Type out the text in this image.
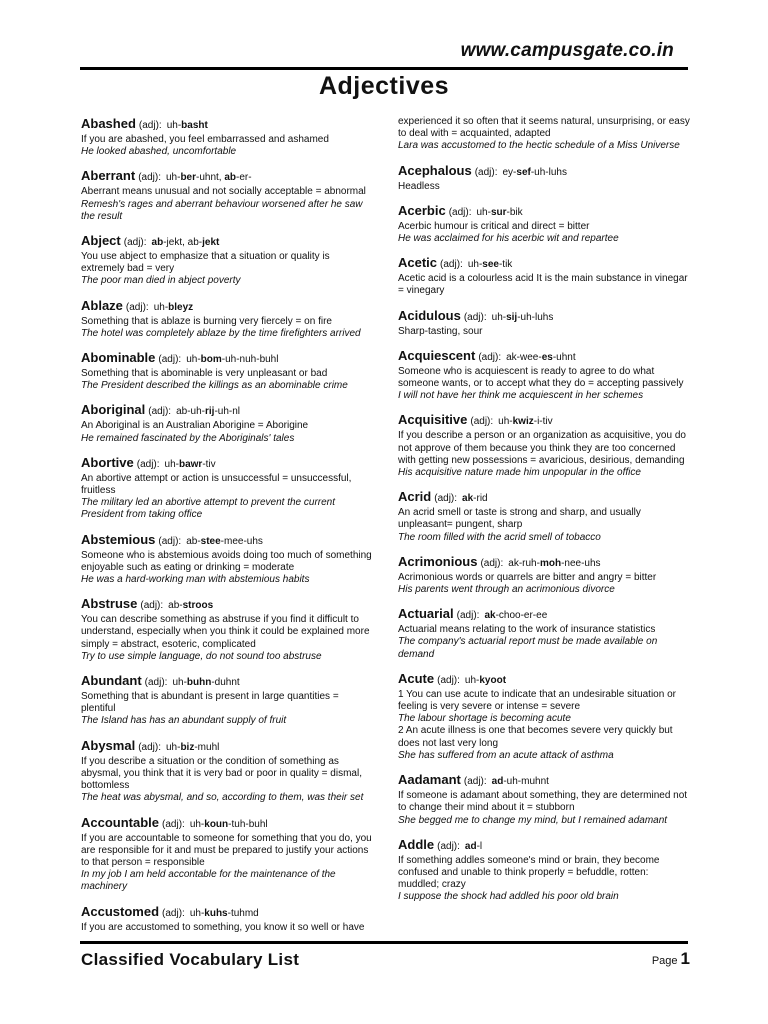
www.campusgate.co.in
Adjectives
Abashed (adj): uh-basht
If you are abashed, you feel embarrassed and ashamed
He looked abashed, uncomfortable
Aberrant (adj): uh-ber-uhnt, ab-er-
Aberrant means unusual and not socially acceptable = abnormal
Remesh's rages and aberrant behaviour worsened after he saw the result
Abject (adj): ab-jekt, ab-jekt
You use abject to emphasize that a situation or quality is extremely bad = very
The poor man died in abject poverty
Ablaze (adj): uh-bleyz
Something that is ablaze is burning very fiercely = on fire
The hotel was completely ablaze by the time firefighters arrived
Abominable (adj): uh-bom-uh-nuh-buhl
Something that is abominable is very unpleasant or bad
The President described the killings as an abominable crime
Aboriginal (adj): ab-uh-rij-uh-nl
An Aboriginal is an Australian Aborigine = Aborigine
He remained fascinated by the Aboriginals' tales
Abortive (adj): uh-bawr-tiv
An abortive attempt or action is unsuccessful = unsuccessful, fruitless
The military led an abortive attempt to prevent the current President from taking office
Abstemious (adj): ab-stee-mee-uhs
Someone who is abstemious avoids doing too much of something enjoyable such as eating or drinking = moderate
He was a hard-working man with abstemious habits
Abstruse (adj): ab-stroos
You can describe something as abstruse if you find it difficult to understand, especially when you think it could be explained more simply = abstract, esoteric, complicated
Try to use simple language, do not sound too abstruse
Abundant (adj): uh-buhn-duhnt
Something that is abundant is present in large quantities = plentiful
The Island has has an abundant supply of fruit
Abysmal (adj): uh-biz-muhl
If you describe a situation or the condition of something as abysmal, you think that it is very bad or poor in quality = dismal, bottomless
The heat was abysmal, and so, according to them, was their set
Accountable (adj): uh-koun-tuh-buhl
If you are accountable to someone for something that you do, you are responsible for it and must be prepared to justify your actions to that person = responsible
In my job I am held accontable for the maintenance of the machinery
Accustomed (adj): uh-kuhs-tuhmd
If you are accustomed to something, you know it so well or have
experienced it so often that it seems natural, unsurprising, or easy to deal with = acquainted, adapted
Lara was accustomed to the hectic schedule of a Miss Universe
Acephalous (adj): ey-sef-uh-luhs
Headless
Acerbic (adj): uh-sur-bik
Acerbic humour is critical and direct = bitter
He was acclaimed for his acerbic wit and repartee
Acetic (adj): uh-see-tik
Acetic acid is a colourless acid It is the main substance in vinegar = vinegary
Acidulous (adj): uh-sij-uh-luhs
Sharp-tasting, sour
Acquiescent (adj): ak-wee-es-uhnt
Someone who is acquiescent is ready to agree to do what someone wants, or to accept what they do = accepting passively
I will not have her think me acquiescent in her schemes
Acquisitive (adj): uh-kwiz-i-tiv
If you describe a person or an organization as acquisitive, you do not approve of them because you think they are too concerned with getting new possessions = avaricious, desirious, demanding
His acquisitive nature made him unpopular in the office
Acrid (adj): ak-rid
An acrid smell or taste is strong and sharp, and usually unpleasant= pungent, sharp
The room filled with the acrid smell of tobacco
Acrimonious (adj): ak-ruh-moh-nee-uhs
Acrimonious words or quarrels are bitter and angry = bitter
His parents went through an acrimonious divorce
Actuarial (adj): ak-choo-er-ee
Actuarial means relating to the work of insurance statistics
The company's actuarial report must be made available on demand
Acute (adj): uh-kyoot
1 You can use acute to indicate that an undesirable situation or feeling is very severe or intense = severe
The labour shortage is becoming acute
2 An acute illness is one that becomes severe very quickly but does not last very long
She has suffered from an acute attack of asthma
Aadamant (adj): ad-uh-muhnt
If someone is adamant about something, they are determined not to change their mind about it = stubborn
She begged me to change my mind, but I remained adamant
Addle (adj): ad-l
If something addles someone's mind or brain, they become confused and unable to think properly = befuddle, rotten: muddled; crazy
I suppose the shock had addled his poor old brain
Classified Vocabulary List	Page 1
